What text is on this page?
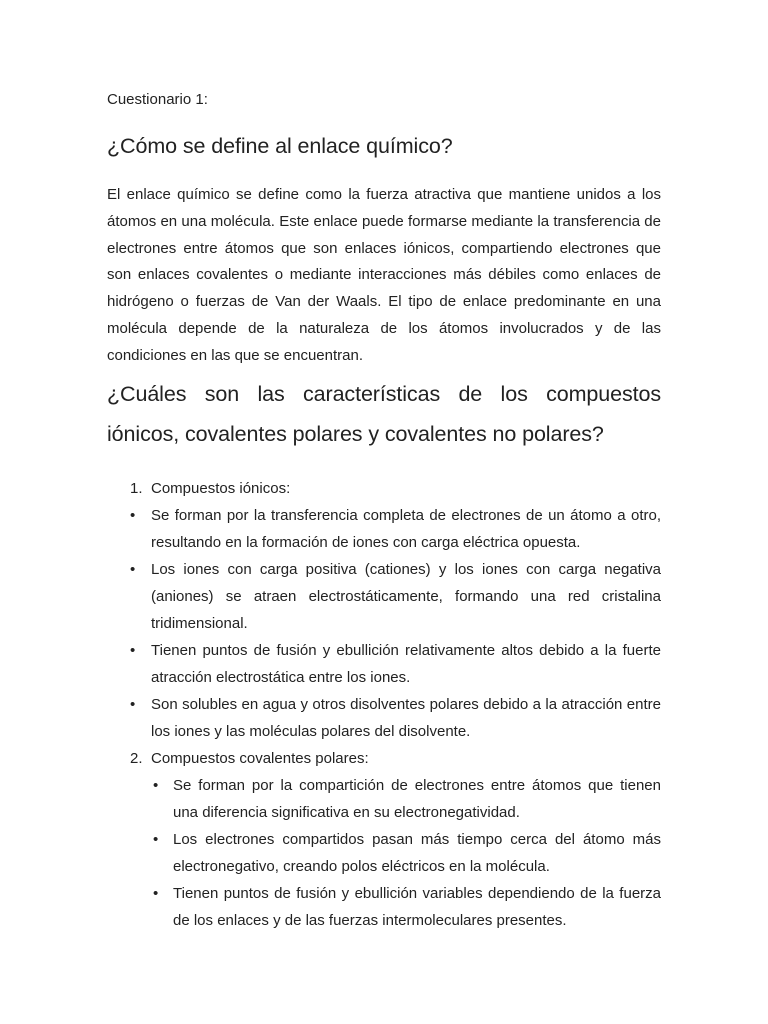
Cuestionario 1:

¿Cómo se define al enlace químico?

El enlace químico se define como la fuerza atractiva que mantiene unidos a los átomos en una molécula. Este enlace puede formarse mediante la transferencia de electrones entre átomos que son enlaces iónicos, compartiendo electrones que son enlaces covalentes o mediante interacciones más débiles como enlaces de hidrógeno o fuerzas de Van der Waals. El tipo de enlace predominante en una molécula depende de la naturaleza de los átomos involucrados y de las condiciones en las que se encuentran.

¿Cuáles son las características de los compuestos iónicos, covalentes polares y covalentes no polares?

1. Compuestos iónicos:

• Se forman por la transferencia completa de electrones de un átomo a otro, resultando en la formación de iones con carga eléctrica opuesta.

• Los iones con carga positiva (cationes) y los iones con carga negativa (aniones) se atraen electrostáticamente, formando una red cristalina tridimensional.

• Tienen puntos de fusión y ebullición relativamente altos debido a la fuerte atracción electrostática entre los iones.

• Son solubles en agua y otros disolventes polares debido a la atracción entre los iones y las moléculas polares del disolvente.

2. Compuestos covalentes polares:

• Se forman por la compartición de electrones entre átomos que tienen una diferencia significativa en su electronegatividad.

• Los electrones compartidos pasan más tiempo cerca del átomo más electronegativo, creando polos eléctricos en la molécula.

• Tienen puntos de fusión y ebullición variables dependiendo de la fuerza de los enlaces y de las fuerzas intermoleculares presentes.
